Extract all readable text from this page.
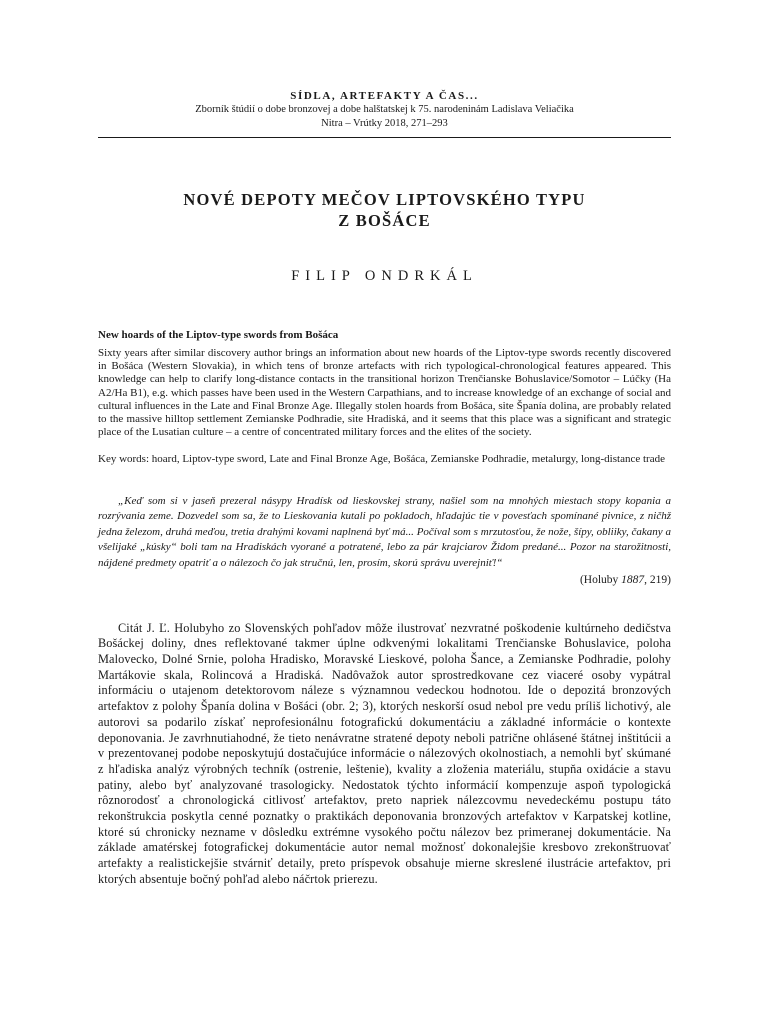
SÍDLA, ARTEFAKTY A ČAS...
Zborník štúdií o dobe bronzovej a dobe halštatskej k 75. narodeninám Ladislava Veliačika
Nitra – Vrútky 2018, 271–293
NOVÉ DEPOTY MEČOV LIPTOVSKÉHO TYPU
Z BOŠÁCE
FILIP ONDRKÁL
New hoards of the Liptov-type swords from Bošáca
Sixty years after similar discovery author brings an information about new hoards of the Liptov-type swords recently discovered in Bošáca (Western Slovakia), in which tens of bronze artefacts with rich typological-chronological features appeared. This knowledge can help to clarify long-distance contacts in the transitional horizon Trenčianske Bohuslavice/Somotor – Lúčky (Ha A2/Ha B1), e.g. which passes have been used in the Western Carpathians, and to increase knowledge of an exchange of social and cultural influences in the Late and Final Bronze Age. Illegally stolen hoards from Bošáca, site Španía dolina, are probably related to the massive hilltop settlement Zemianske Podhradie, site Hradiská, and it seems that this place was a significant and strategic place of the Lusatian culture – a centre of concentrated military forces and the elites of the society.
Key words: hoard, Liptov-type sword, Late and Final Bronze Age, Bošáca, Zemianske Podhradie, metalurgy, long-distance trade
„Keď som si v jaseň prezeral násypy Hradísk od lieskovskej strany, našiel som na mnohých miestach stopy kopania a rozrývania zeme. Dozvedel som sa, že to Lieskovania kutali po pokladoch, hľadajúc tie v povesťach spomínané pivnice, z ničhž jedna železom, druhá meďou, tretia drahými kovami naplnená byť má... Počíval som s mrzutosťou, že nože, šípy, obliiky, čakany a všelijaké „kúsky“ boli tam na Hradiskách vyorané a potratené, lebo za pár krajciarov Židom predané... Pozor na starožitnosti, nájdené predmety opatriť a o nálezoch čo jak stručnú, len, prosím, skorú správu uverejniť!“
(Holuby 1887, 219)
Citát J. Ľ. Holubyho zo Slovenských pohľadov môže ilustrovať nezvratné poškodenie kultúrneho dedičstva Bošáckej doliny, dnes reflektované takmer úplne odkvenými lokalitami Trenčianske Bohuslavice, poloha Malovecko, Dolné Srnie, poloha Hradisko, Moravské Lieskové, poloha Šance, a Zemianske Podhradie, polohy Martákovie skala, Rolincová a Hradiská. Nadôvažok autor sprostredkovane cez viaceré osoby vypátral informáciu o utajenom detektorovom náleze s významnou vedeckou hodnotou. Ide o depozitá bronzových artefaktov z polohy Španía dolina v Bošáci (obr. 2; 3), ktorých neskorší osud nebol pre vedu príliš lichotivý, ale autorovi sa podarilo získať neprofesionálnu fotografickú dokumentáciu a základné informácie o kontexte deponovania. Je zavrhnutiahodné, že tieto nenávratne stratené depoty neboli patrične ohlásené štátnej inštitúcii a v prezentovanej podobe neposkytujú dostačujúce informácie o nálezových okolnostiach, a nemohli byť skúmané z hľadiska analýz výrobných techník (ostrenie, leštenie), kvality a zloženia materiálu, stupňa oxidácie a stavu patiny, alebo byť analyzované trasologicky. Nedostatok týchto informácií kompenzuje aspoň typologická rôznorodosť a chronologická citlivosť artefaktov, preto napriek nálezcovmu nevedeckému postupu táto rekonštrukcia poskytla cenné poznatky o praktikách deponovania bronzových artefaktov v Karpatskej kotline, ktoré sú chronicky nezname v dôsledku extrémne vysokého počtu nálezov bez primeranej dokumentácie. Na základe amatérskej fotografickej dokumentácie autor nemal možnosť dokonalejšie kresbovo zrekonštruovať artefakty a realistickejšie stvárniť detaily, preto príspevok obsahuje mierne skreslené ilustrácie artefaktov, pri ktorých absentuje bočný pohľad alebo náčrtok prierezu.
